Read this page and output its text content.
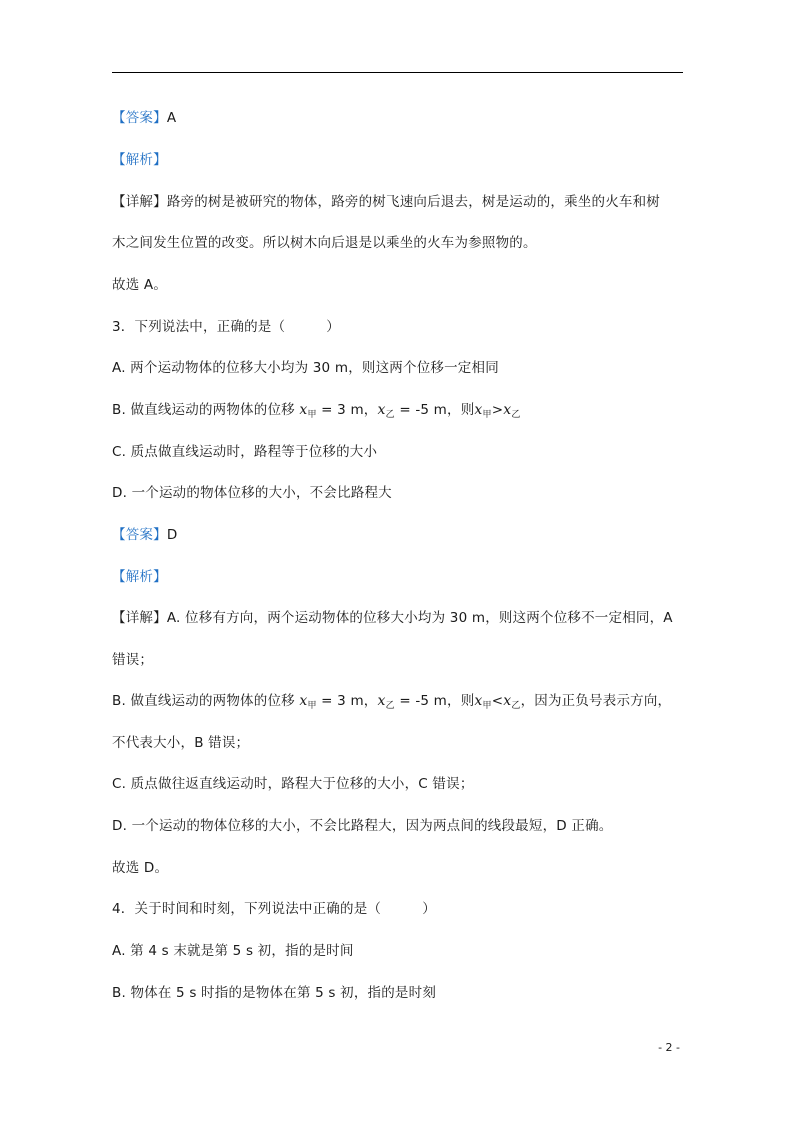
【答案】A
【解析】
【详解】路旁的树是被研究的物体，路旁的树飞速向后退去，树是运动的，乘坐的火车和树
木之间发生位置的改变。所以树木向后退是以乘坐的火车为参照物的。
故选 A。
3．下列说法中，正确的是（　　　）
A. 两个运动物体的位移大小均为 30 m，则这两个位移一定相同
B. 做直线运动的两物体的位移 $x_甲 = 3$ m，$x_乙 = -5$ m，则$x_甲>x_乙$
C. 质点做直线运动时，路程等于位移的大小
D. 一个运动的物体位移的大小，不会比路程大
【答案】D
【解析】
【详解】A. 位移有方向，两个运动物体的位移大小均为 30 m，则这两个位移不一定相同，A
错误；
B. 做直线运动的两物体的位移 $x_甲 = 3$ m，$x_乙 = -5$ m，则$x_甲<x_乙$，因为正负号表示方向，
不代表大小，B 错误；
C. 质点做往返直线运动时，路程大于位移的大小，C 错误；
D. 一个运动的物体位移的大小，不会比路程大，因为两点间的线段最短，D 正确。
故选 D。
4．关于时间和时刻，下列说法中正确的是（　　　）
A. 第 4 s 末就是第 5 s 初，指的是时间
B. 物体在 5 s 时指的是物体在第 5 s 初，指的是时刻
- 2 -
